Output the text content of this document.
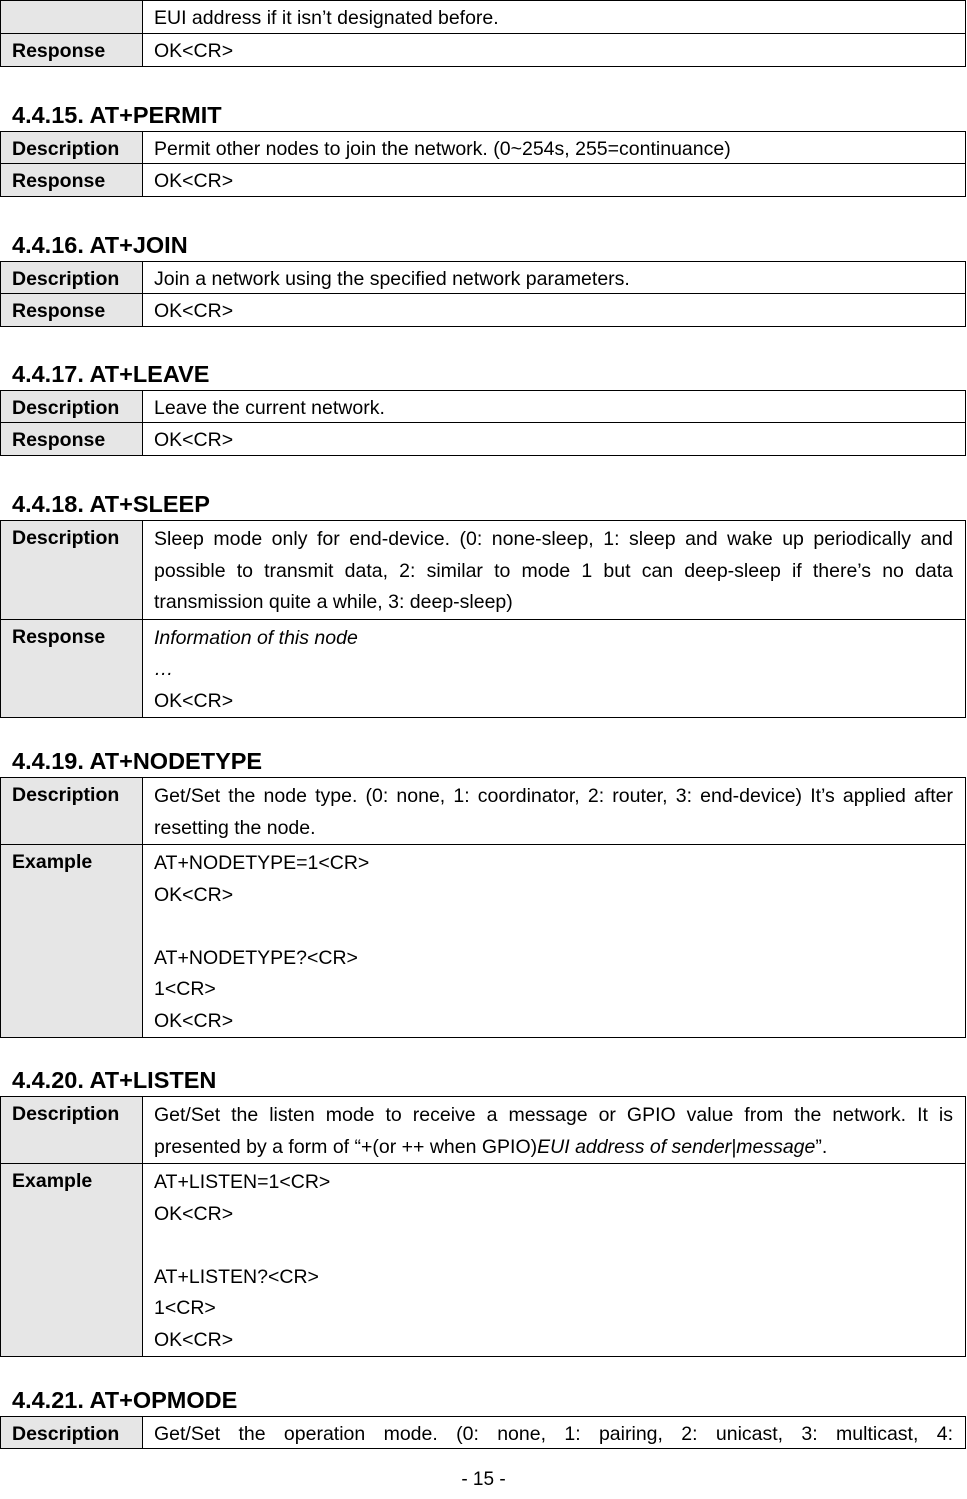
	EUI address if it isn’t designated before.
Response	OK<CR>
4.4.15. AT+PERMIT
Description	Permit other nodes to join the network. (0~254s, 255=continuance)
Response	OK<CR>
4.4.16. AT+JOIN
Description	Join a network using the specified network parameters.
Response	OK<CR>
4.4.17. AT+LEAVE
Description	Leave the current network.
Response	OK<CR>
4.4.18. AT+SLEEP
Description	Sleep mode only for end-device. (0: none-sleep, 1: sleep and wake up periodically and possible to transmit data, 2: similar to mode 1 but can deep-sleep if there’s no data transmission quite a while, 3: deep-sleep)
Response	Information of this node
…
OK<CR>
4.4.19. AT+NODETYPE
Description	Get/Set the node type. (0: none, 1: coordinator, 2: router, 3: end-device) It’s applied after resetting the node.
Example	AT+NODETYPE=1<CR>
OK<CR>
AT+NODETYPE?<CR>
1<CR>
OK<CR>
4.4.20. AT+LISTEN
Description	Get/Set the listen mode to receive a message or GPIO value from the network. It is presented by a form of “+(or ++ when GPIO)EUI address of sender|message”.
Example	AT+LISTEN=1<CR>
OK<CR>
AT+LISTEN?<CR>
1<CR>
OK<CR>
4.4.21. AT+OPMODE
Description	Get/Set the operation mode. (0: none, 1: pairing, 2: unicast, 3: multicast, 4:
- 15 -
